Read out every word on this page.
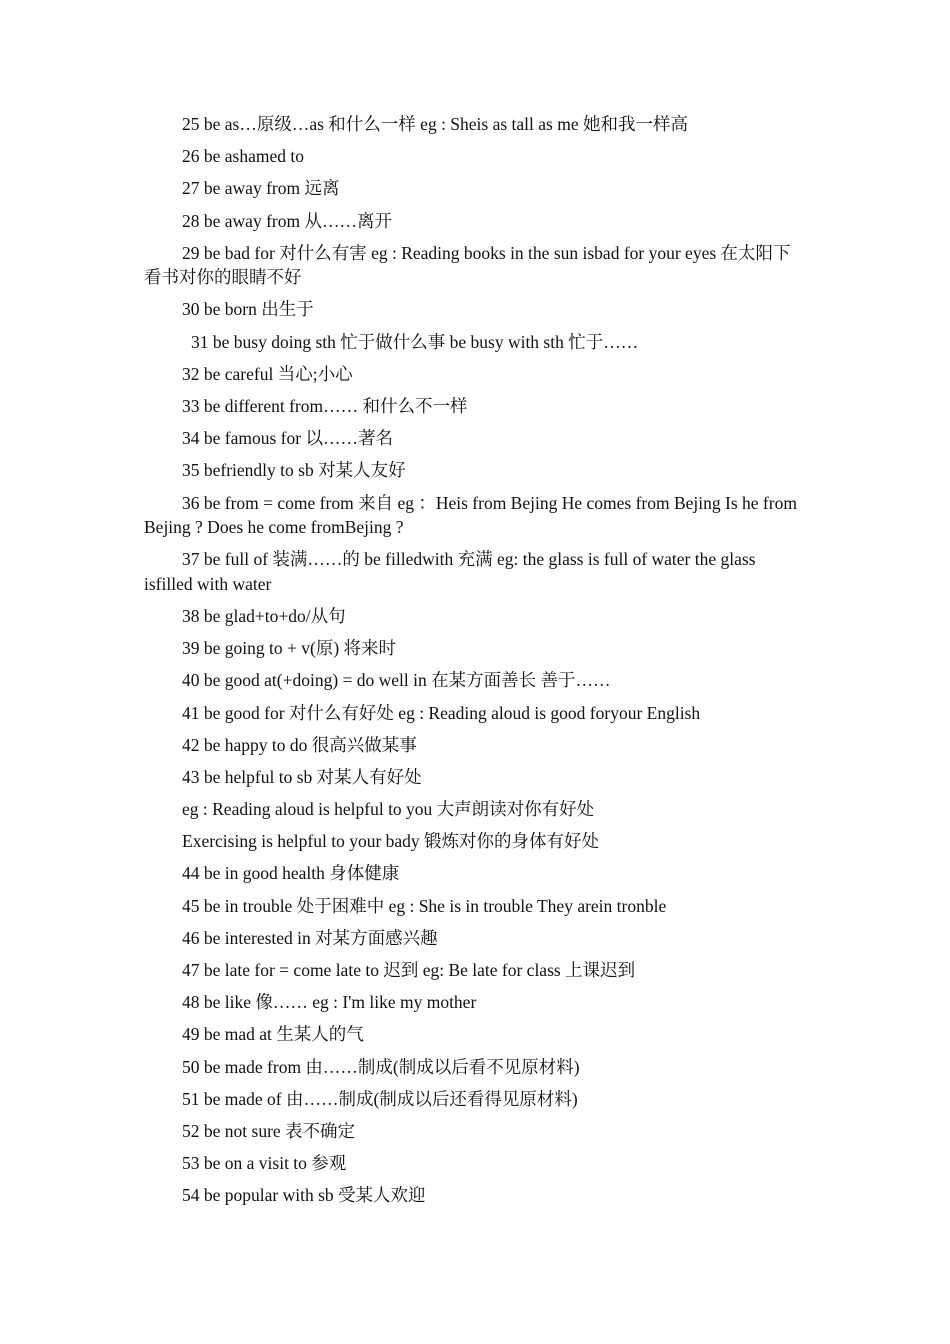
25 be as…原级…as 和什么一样 eg : Sheis as tall as me 她和我一样高
26 be ashamed to
27 be away from 远离
28 be away from 从……离开
29 be bad for 对什么有害 eg : Reading books in the sun isbad for your eyes 在太阳下看书对你的眼睛不好
30 be born 出生于
31 be busy doing sth 忙于做什么事 be busy with sth 忙于……
32 be careful 当心;小心
33 be different from…… 和什么不一样
34 be famous for 以……著名
35 befriendly to sb 对某人友好
36 be from = come from 来自 eg ：Heis from Bejing He comes from Bejing Is he from Bejing ? Does he come fromBejing ?
37 be full of 装满……的 be filledwith 充满 eg: the glass is full of water the glass isfilled with water
38 be glad+to+do/从句
39 be going to + v(原) 将来时
40 be good at(+doing) = do well in 在某方面善长 善于……
41 be good for 对什么有好处 eg : Reading aloud is good foryour English
42 be happy to do 很高兴做某事
43 be helpful to sb 对某人有好处
eg : Reading aloud is helpful to you 大声朗读对你有好处
Exercising is helpful to your bady 锻炼对你的身体有好处
44 be in good health 身体健康
45 be in trouble 处于困难中 eg : She is in trouble They arein tronble
46 be interested in 对某方面感兴趣
47 be late for = come late to 迟到 eg: Be late for class 上课迟到
48 be like 像…… eg : I'm like my mother
49 be mad at 生某人的气
50 be made from 由……制成(制成以后看不见原材料)
51 be made of 由……制成(制成以后还看得见原材料)
52 be not sure 表不确定
53 be on a visit to 参观
54 be popular with sb 受某人欢迎
